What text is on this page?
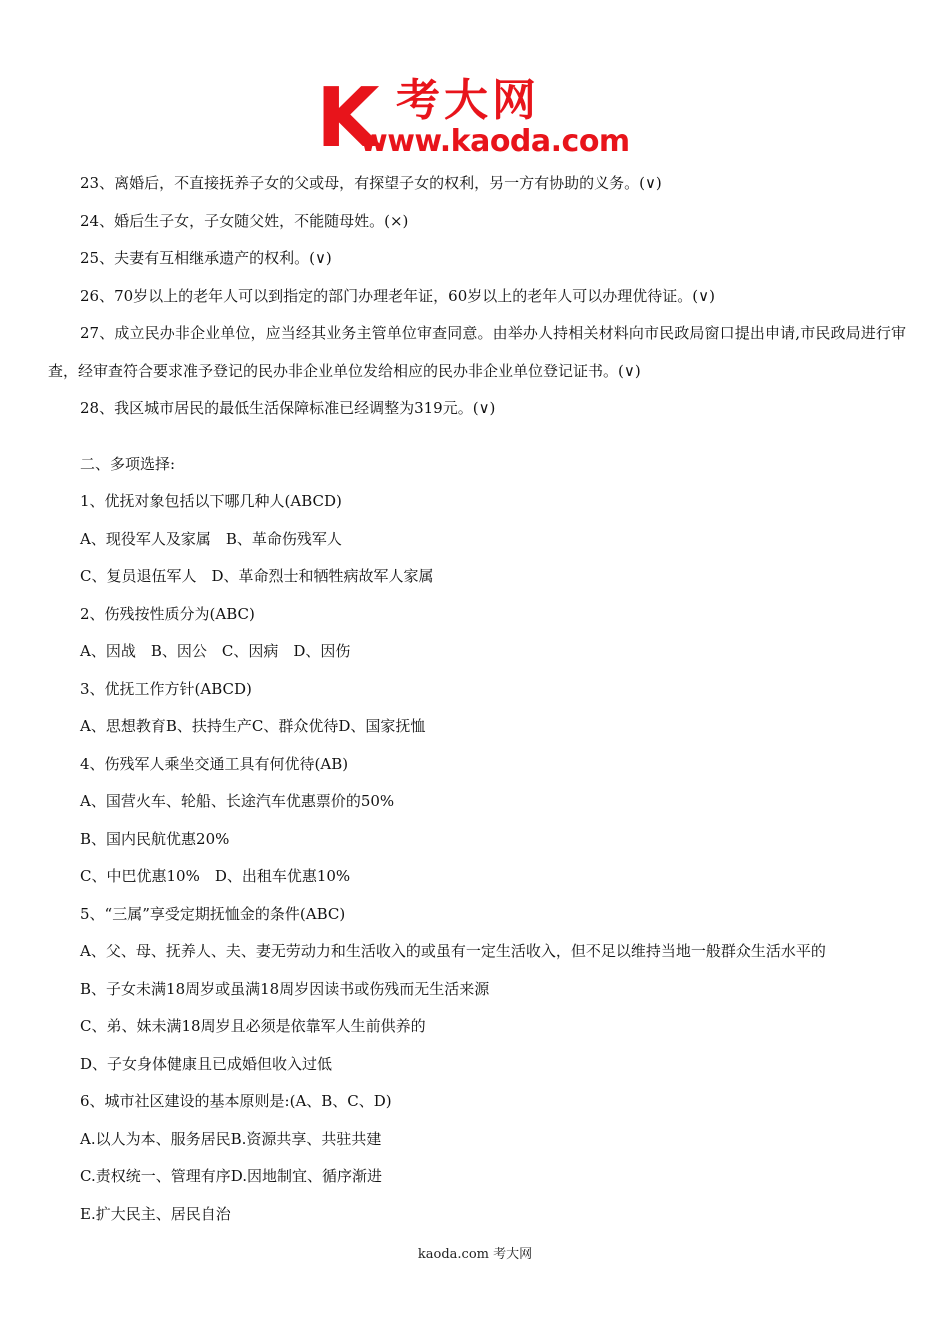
K 考大网
www.kaoda.com
23、离婚后，不直接抚养子女的父或母，有探望子女的权利，另一方有协助的义务。(∨)
24、婚后生子女，子女随父姓，不能随母姓。(×)
25、夫妻有互相继承遗产的权利。(∨)
26、70岁以上的老年人可以到指定的部门办理老年证，60岁以上的老年人可以办理优待证。(∨)
27、成立民办非企业单位，应当经其业务主管单位审查同意。由举办人持相关材料向市民政局窗口提出申请,市民政局进行审查，经审查符合要求准予登记的民办非企业单位发给相应的民办非企业单位登记证书。(∨)
28、我区城市居民的最低生活保障标准已经调整为319元。(∨)
二、多项选择:
1、优抚对象包括以下哪几种人(ABCD)
A、现役军人及家属　B、革命伤残军人
C、复员退伍军人　D、革命烈士和牺牲病故军人家属
2、伤残按性质分为(ABC)
A、因战　B、因公　C、因病　D、因伤
3、优抚工作方针(ABCD)
A、思想教育B、扶持生产C、群众优待D、国家抚恤
4、伤残军人乘坐交通工具有何优待(AB)
A、国营火车、轮船、长途汽车优惠票价的50%
B、国内民航优惠20%
C、中巴优惠10%　D、出租车优惠10%
5、“三属”享受定期抚恤金的条件(ABC)
A、父、母、抚养人、夫、妻无劳动力和生活收入的或虽有一定生活收入，但不足以维持当地一般群众生活水平的
B、子女未满18周岁或虽满18周岁因读书或伤残而无生活来源
C、弟、妹未满18周岁且必须是依靠军人生前供养的
D、子女身体健康且已成婚但收入过低
6、城市社区建设的基本原则是:(A、B、C、D)
A.以人为本、服务居民B.资源共享、共驻共建
C.责权统一、管理有序D.因地制宜、循序渐进
E.扩大民主、居民自治
kaoda.com 考大网
